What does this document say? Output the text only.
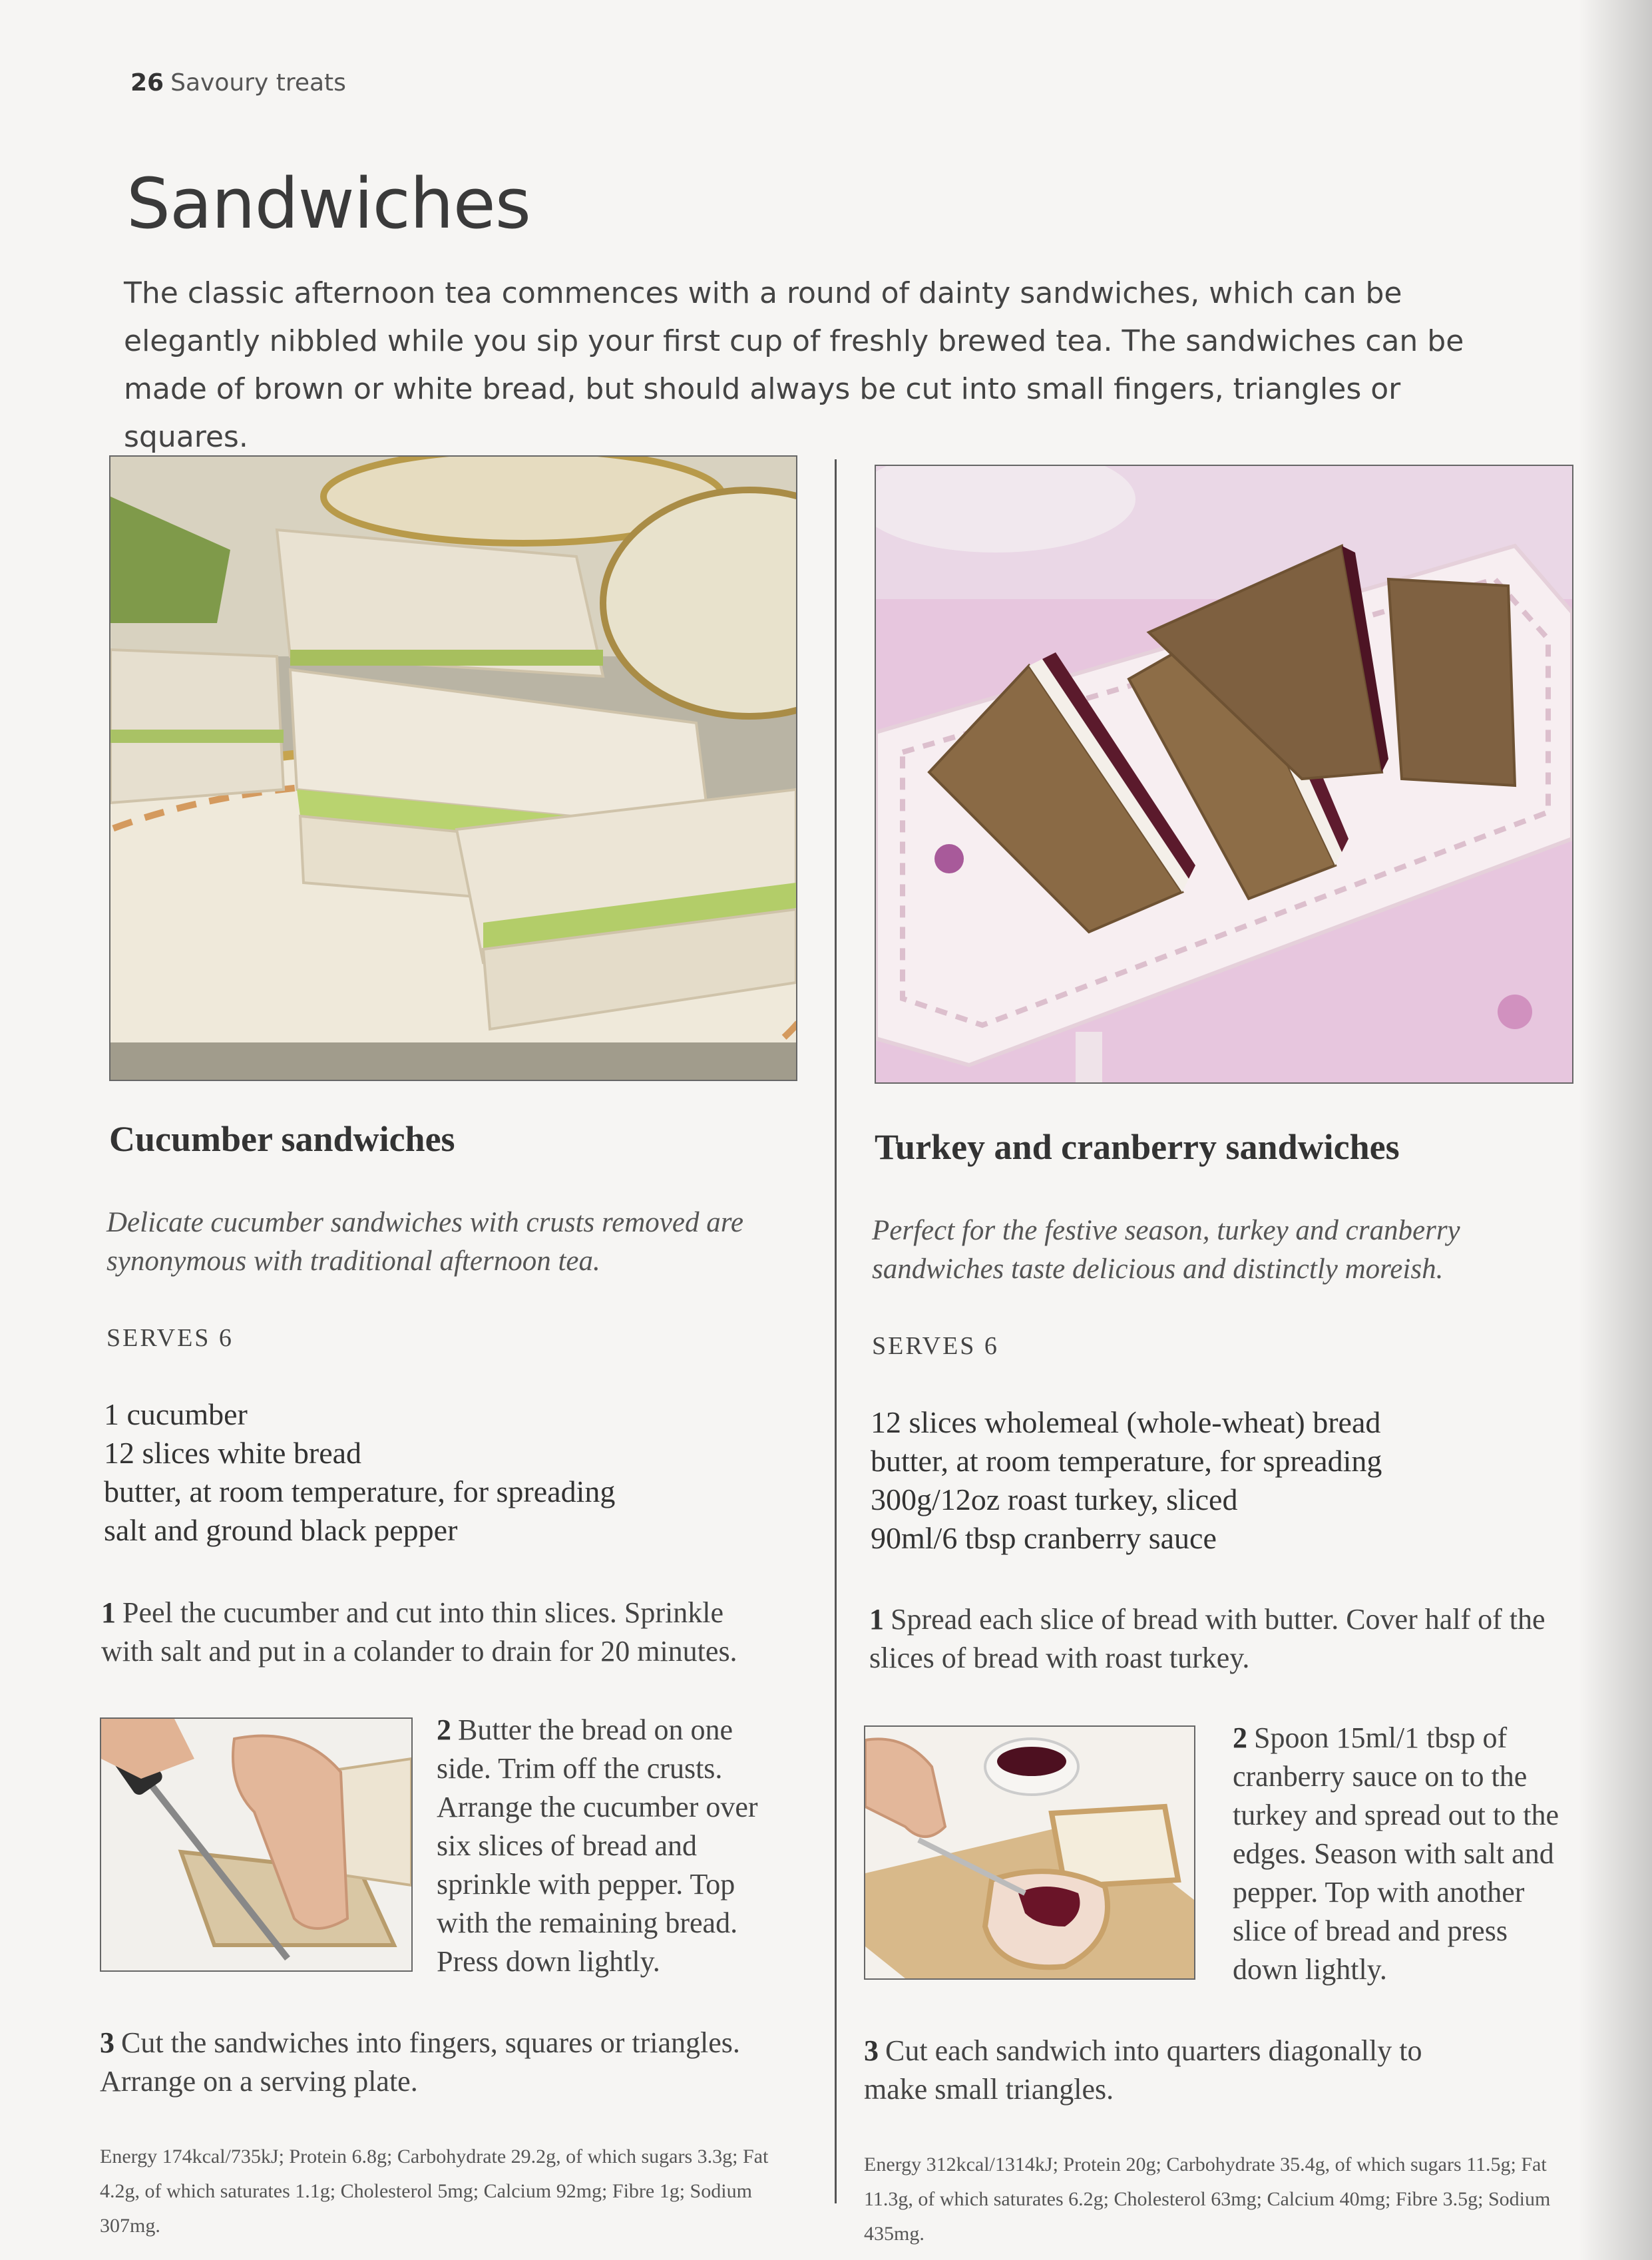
26 Savoury treats
Sandwiches

The classic afternoon tea commences with a round of dainty sandwiches, which can be elegantly nibbled while you sip your first cup of freshly brewed tea. The sandwiches can be made of brown or white bread, but should always be cut into small fingers, triangles or squares.

Cucumber sandwiches

Delicate cucumber sandwiches with crusts removed are synonymous with traditional afternoon tea.

SERVES 6
1 cucumber
12 slices white bread
butter, at room temperature, for spreading
salt and ground black pepper

1 Peel the cucumber and cut into thin slices. Sprinkle with salt and put in a colander to drain for 20 minutes.

2 Butter the bread on one side. Trim off the crusts. Arrange the cucumber over six slices of bread and sprinkle with pepper. Top with the remaining bread. Press down lightly.

3 Cut the sandwiches into fingers, squares or triangles. Arrange on a serving plate.

Energy 174kcal/735kJ; Protein 6.8g; Carbohydrate 29.2g, of which sugars 3.3g; Fat 4.2g, of which saturates 1.1g; Cholesterol 5mg; Calcium 92mg; Fibre 1g; Sodium 307mg.

Turkey and cranberry sandwiches

Perfect for the festive season, turkey and cranberry sandwiches taste delicious and distinctly moreish.

SERVES 6
12 slices wholemeal (whole-wheat) bread
butter, at room temperature, for spreading
300g/12oz roast turkey, sliced
90ml/6 tbsp cranberry sauce

1 Spread each slice of bread with butter. Cover half of the slices of bread with roast turkey.

2 Spoon 15ml/1 tbsp of cranberry sauce on to the turkey and spread out to the edges. Season with salt and pepper. Top with another slice of bread and press down lightly.

3 Cut each sandwich into quarters diagonally to make small triangles.

Energy 312kcal/1314kJ; Protein 20g; Carbohydrate 35.4g, of which sugars 11.5g; Fat 11.3g, of which saturates 6.2g; Cholesterol 63mg; Calcium 40mg; Fibre 3.5g; Sodium 435mg.
